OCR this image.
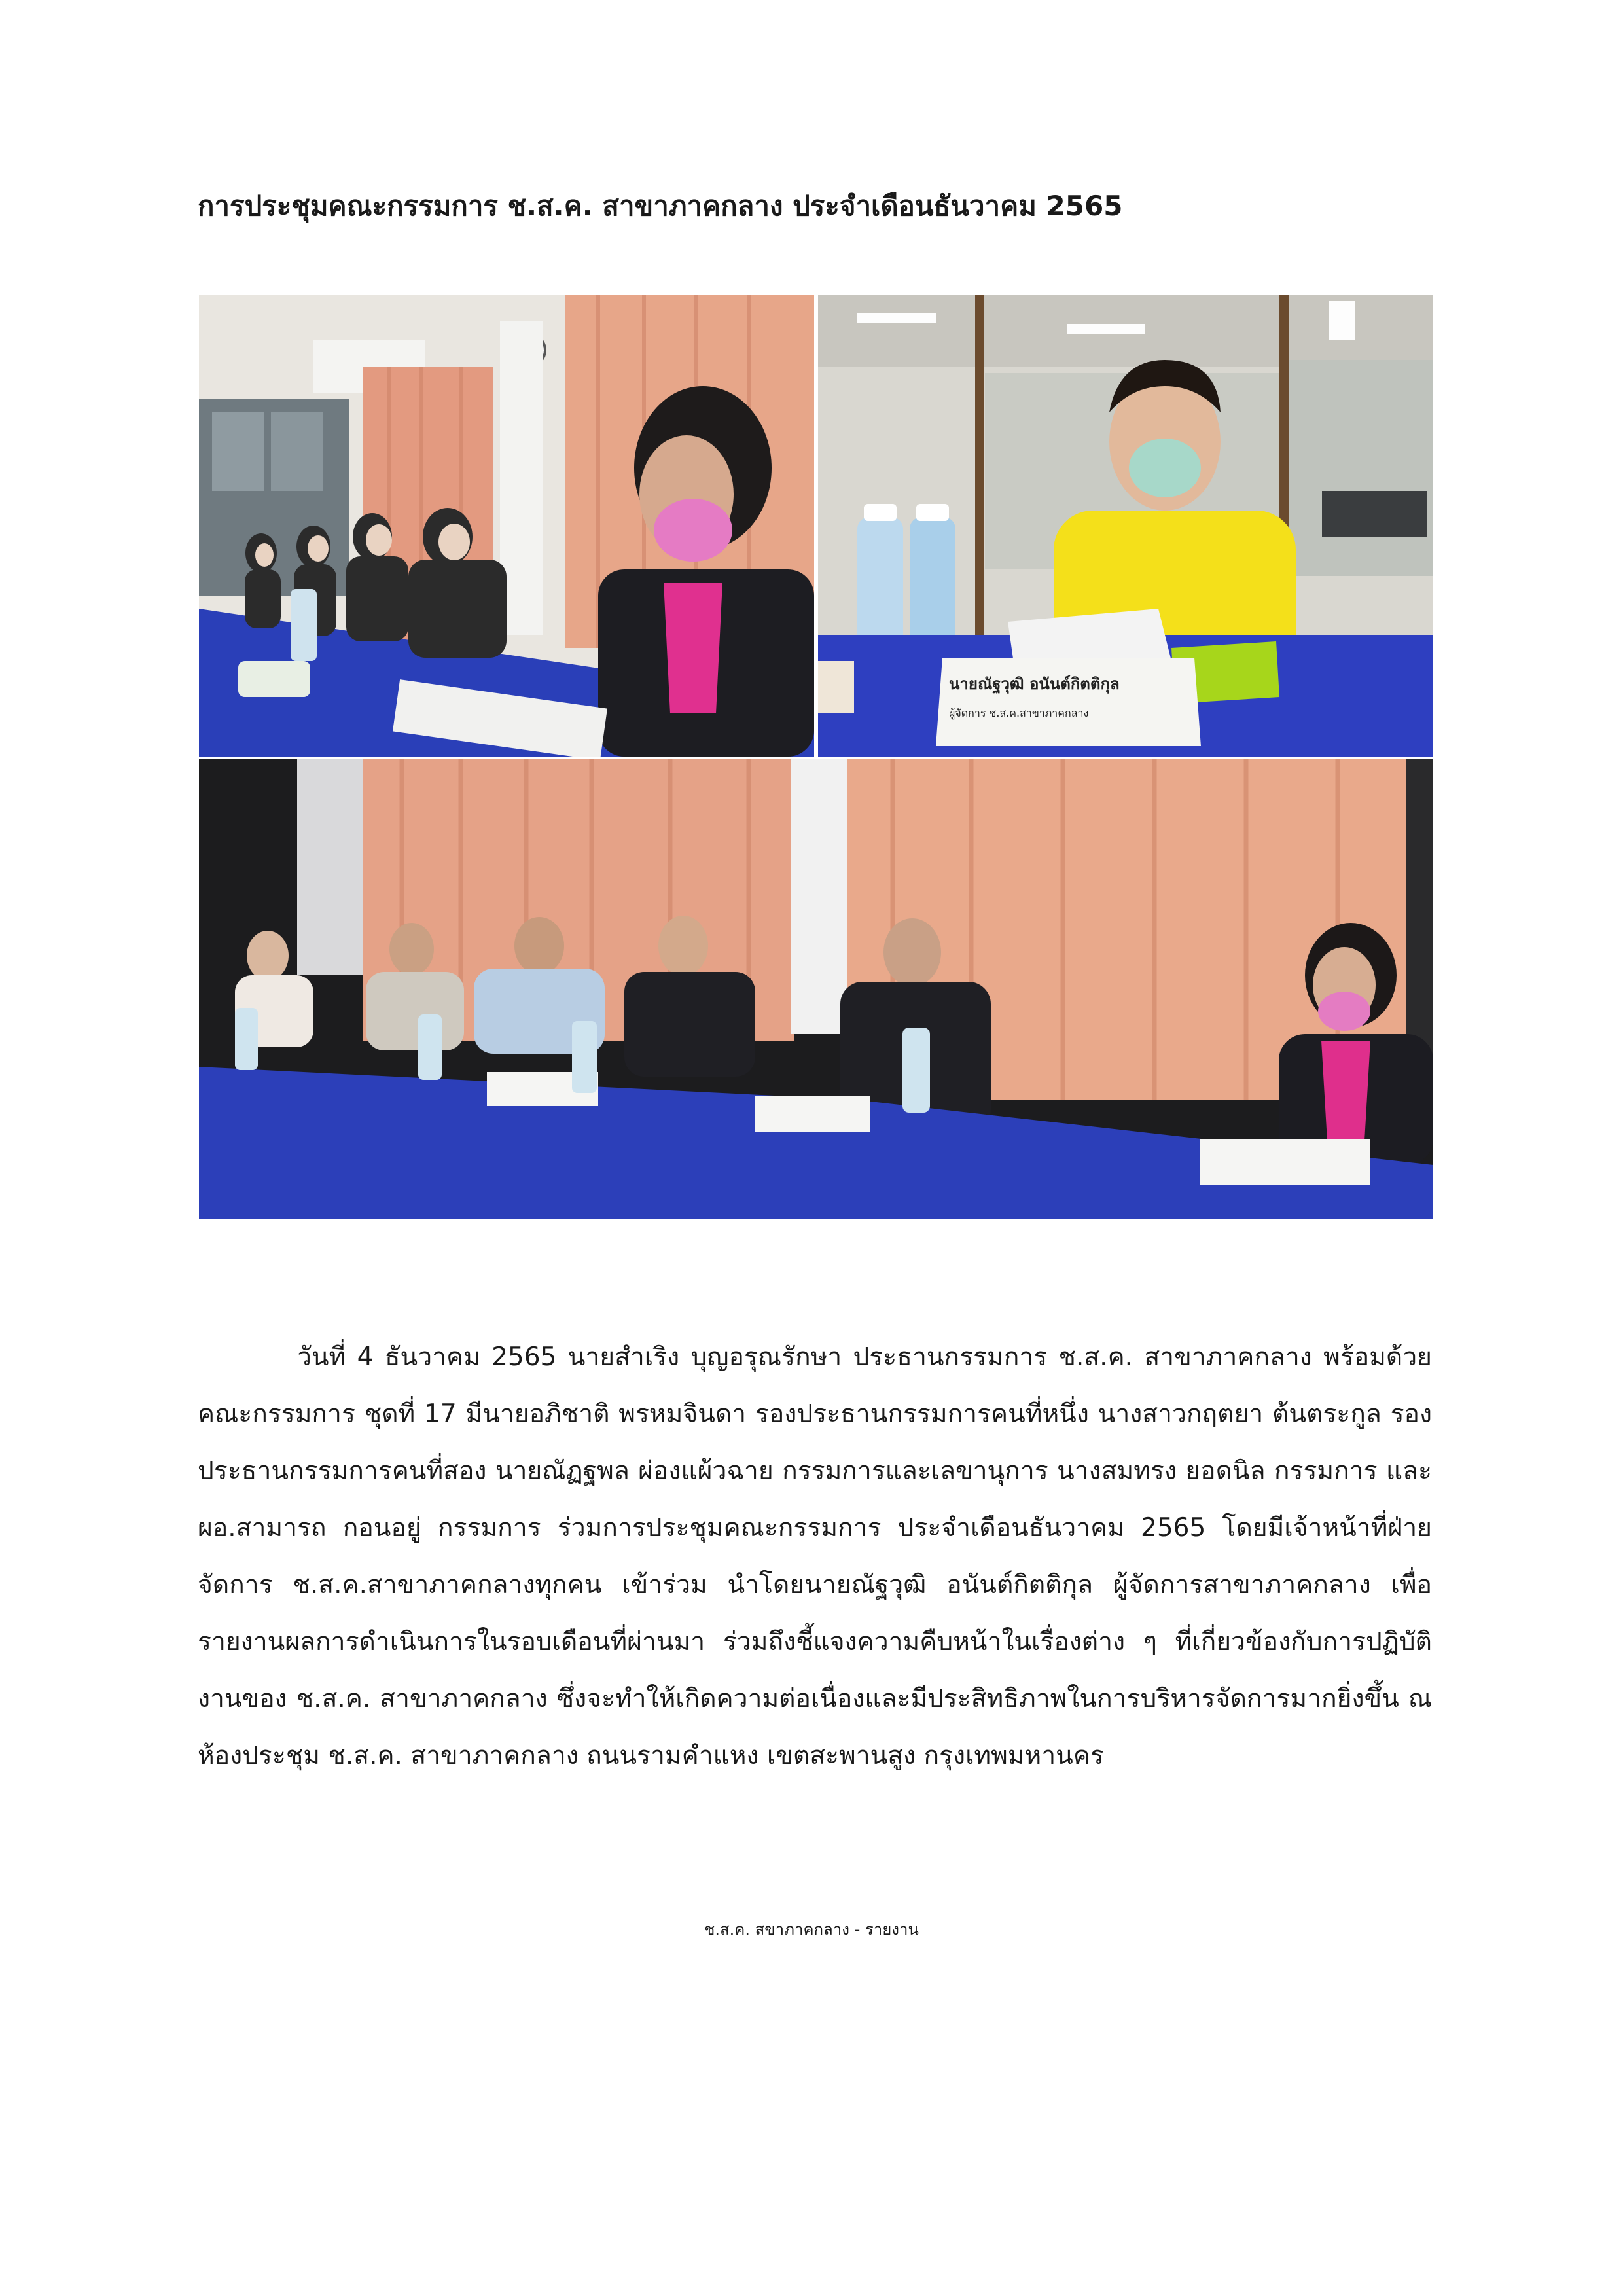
การประชุมคณะกรรมการ ช.ส.ค. สาขาภาคกลาง ประจำเดือนธันวาคม 2565
นายณัฐวุฒิ อนันต์กิตติกุล
ผู้จัดการ ช.ส.ค.สาขาภาคกลาง

วันที่ 4 ธันวาคม 2565 นายสำเริง บุญอรุณรักษา ประธานกรรมการ ช.ส.ค. สาขาภาคกลาง พร้อมด้วยคณะกรรมการ ชุดที่ 17 มีนายอภิชาติ พรหมจินดา รองประธานกรรมการคนที่หนึ่ง นางสาวกฤตยา ต้นตระกูล รองประธานกรรมการคนที่สอง นายณัฏฐพล ผ่องแผ้วฉาย กรรมการและเลขานุการ นางสมทรง ยอดนิล กรรมการ และ ผอ.สามารถ กอนอยู่ กรรมการ ร่วมการประชุมคณะกรรมการ ประจำเดือนธันวาคม 2565 โดยมีเจ้าหน้าที่ฝ่ายจัดการ ช.ส.ค.สาขาภาคกลางทุกคน เข้าร่วม นำโดยนายณัฐวุฒิ อนันต์กิตติกุล ผู้จัดการสาขาภาคกลาง เพื่อรายงานผลการดำเนินการในรอบเดือนที่ผ่านมา ร่วมถึงชี้แจงความคืบหน้าในเรื่องต่าง ๆ ที่เกี่ยวข้องกับการปฏิบัติงานของ ช.ส.ค. สาขาภาคกลาง ซึ่งจะทำให้เกิดความต่อเนื่องและมีประสิทธิภาพในการบริหารจัดการมากยิ่งขึ้น ณ ห้องประชุม ช.ส.ค. สาขาภาคกลาง ถนนรามคำแหง เขตสะพานสูง กรุงเทพมหานคร

ช.ส.ค. สขาภาคกลาง - รายงาน
